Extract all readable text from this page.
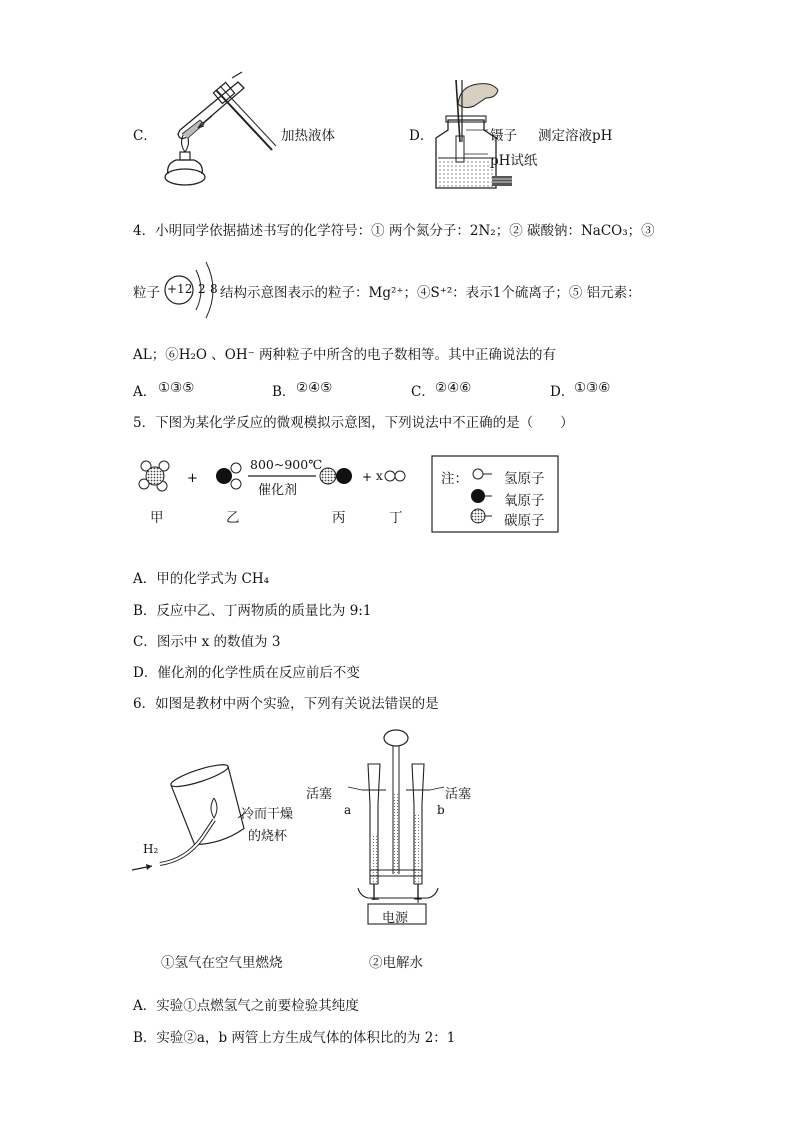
C．	加热液体	D．	镊子 测定溶液pH
pH试纸
4．小明同学依据描述书写的化学符号：① 两个氮分子：2N₂；② 碳酸钠：NaCO₃；③
粒子 +12 2 8 结构示意图表示的粒子：Mg²⁺；④S⁺²：表示1个硫离子；⑤ 铝元素：
AL；⑥H₂O 、OH⁻ 两种粒子中所含的电子数相等。其中正确说法的有
A． ①③⑤	B． ②④⑤	C． ②④⑥	D． ①③⑥
5．下图为某化学反应的微观模拟示意图，下列说法中不正确的是（　　）
+	+
800~900℃
催化剂
x
甲	乙	丙	丁
注：	氢原子
氧原子
碳原子
A．甲的化学式为 CH₄
B．反应中乙、丁两物质的质量比为 9:1
C．图示中 x 的数值为 3
D．催化剂的化学性质在反应前后不变
6．如图是教材中两个实验，下列有关说法错误的是
冷而干燥
的烧杯
H₂
活塞	活塞
a	b
−	+
电源
①氢气在空气里燃烧	②电解水
A．实验①点燃氢气之前要检验其纯度
B．实验②a，b 两管上方生成气体的体积比的为 2：1
